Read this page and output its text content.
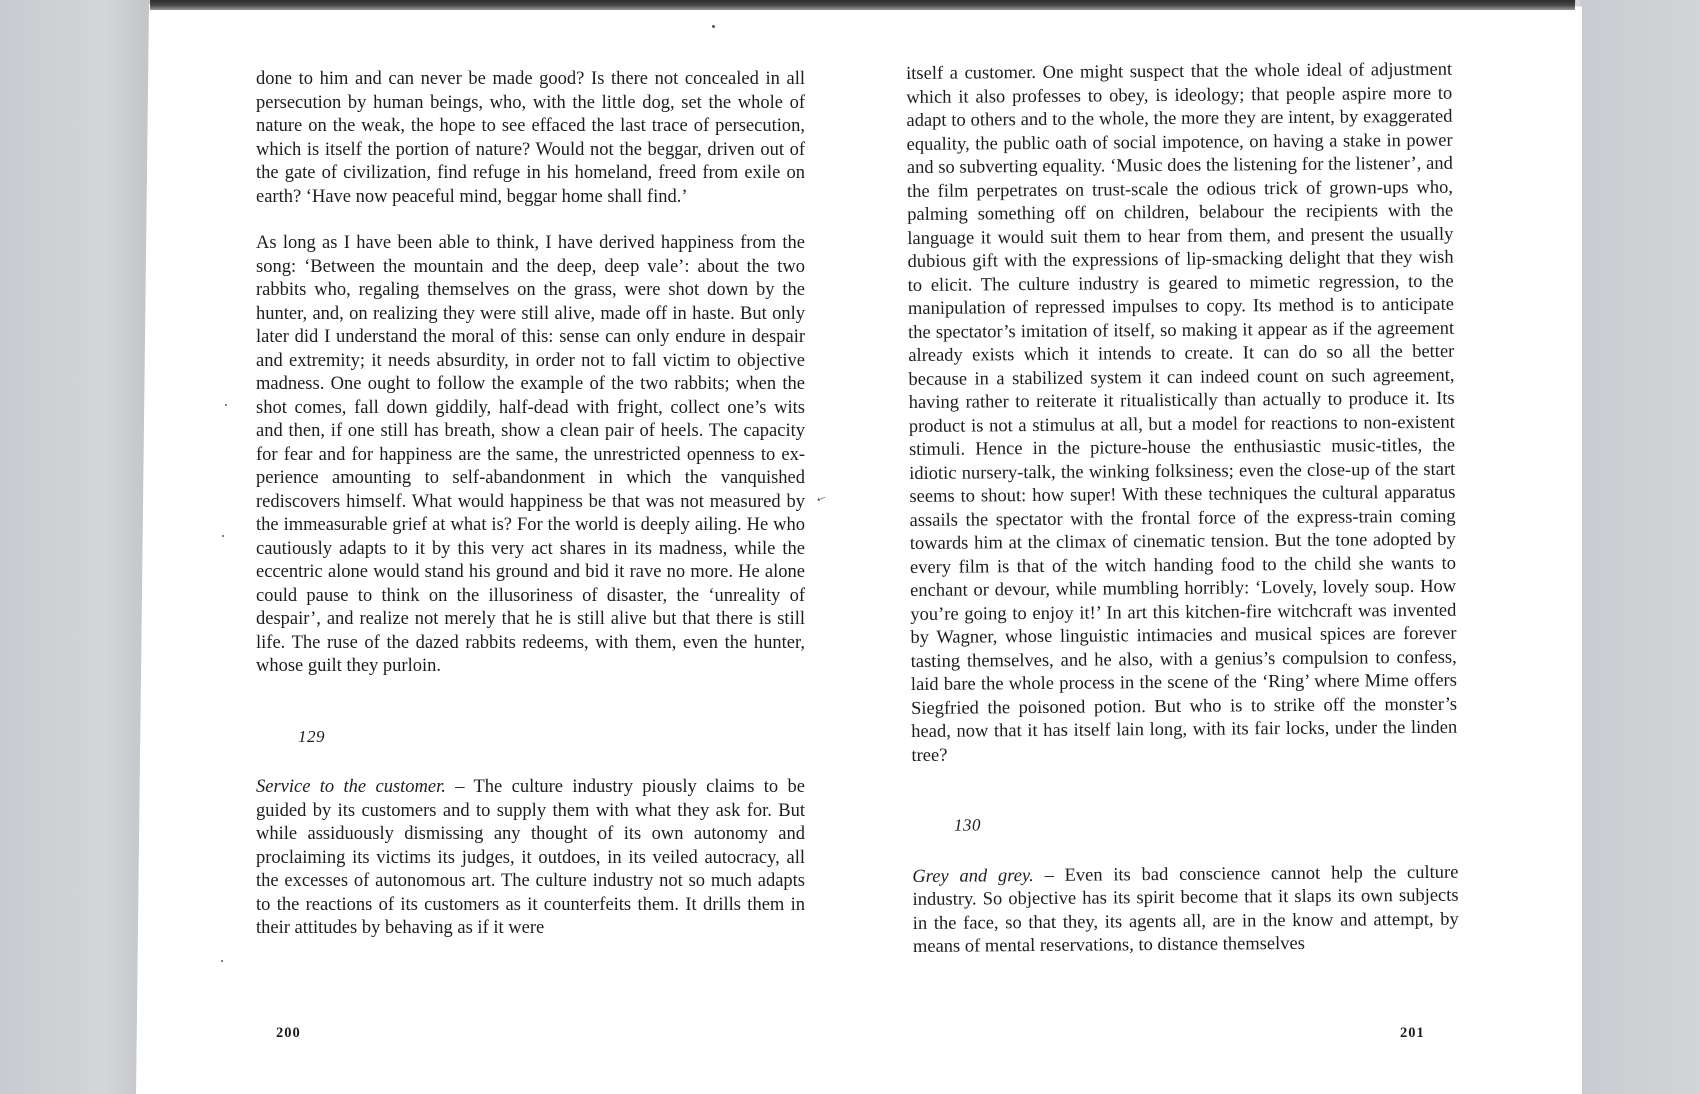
done to him and can never be made good? Is there not concealed in all persecution by human beings, who, with the little dog, set the whole of nature on the weak, the hope to see effaced the last trace of persecution, which is itself the portion of nature? Would not the beggar, driven out of the gate of civilization, find refuge in his homeland, freed from exile on earth? ‘Have now peaceful mind, beggar home shall find.’

As long as I have been able to think, I have derived happiness from the song: ‘Between the mountain and the deep, deep vale’: about the two rabbits who, regaling themselves on the grass, were shot down by the hunter, and, on realizing they were still alive, made off in haste. But only later did I understand the moral of this: sense can only endure in despair and extremity; it needs absurdity, in order not to fall victim to objective madness. One ought to follow the example of the two rabbits; when the shot comes, fall down giddily, half-dead with fright, collect one’s wits and then, if one still has breath, show a clean pair of heels. The capacity for fear and for happiness are the same, the unrestricted openness to experience amounting to self-abandonment in which the vanquished rediscovers himself. What would happiness be that was not measured by the immeasurable grief at what is? For the world is deeply ailing. He who cautiously adapts to it by this very act shares in its madness, while the eccentric alone would stand his ground and bid it rave no more. He alone could pause to think on the illusoriness of disaster, the ‘unreality of despair’, and realize not merely that he is still alive but that there is still life. The ruse of the dazed rabbits redeems, with them, even the hunter, whose guilt they purloin.

129

Service to the customer. – The culture industry piously claims to be guided by its customers and to supply them with what they ask for. But while assiduously dismissing any thought of its own autonomy and proclaiming its victims its judges, it outdoes, in its veiled autocracy, all the excesses of autonomous art. The culture industry not so much adapts to the reactions of its customers as it counterfeits them. It drills them in their attitudes by behaving as if it were

itself a customer. One might suspect that the whole ideal of adjustment which it also professes to obey, is ideology; that people aspire more to adapt to others and to the whole, the more they are intent, by exaggerated equality, the public oath of social impotence, on having a stake in power and so subverting equality. ‘Music does the listening for the listener’, and the film perpetrates on trust-scale the odious trick of grown-ups who, palming something off on children, belabour the recipients with the language it would suit them to hear from them, and present the usually dubious gift with the expressions of lip-smacking delight that they wish to elicit. The culture industry is geared to mimetic regression, to the manipulation of repressed impulses to copy. Its method is to anticipate the spectator’s imitation of itself, so making it appear as if the agreement already exists which it intends to create. It can do so all the better because in a stabilized system it can indeed count on such agreement, having rather to reiterate it ritualistically than actually to produce it. Its product is not a stimulus at all, but a model for reactions to non-existent stimuli. Hence in the picture-house the enthusiastic music-titles, the idiotic nursery-talk, the winking folksiness; even the close-up of the start seems to shout: how super! With these techniques the cultural apparatus assails the spectator with the frontal force of the express-train coming towards him at the climax of cinematic tension. But the tone adopted by every film is that of the witch handing food to the child she wants to enchant or devour, while mumbling horribly: ‘Lovely, lovely soup. How you’re going to enjoy it!’ In art this kitchen-fire witchcraft was invented by Wagner, whose linguistic intimacies and musical spices are forever tasting themselves, and he also, with a genius’s compulsion to confess, laid bare the whole process in the scene of the ‘Ring’ where Mime offers Siegfried the poisoned potion. But who is to strike off the monster’s head, now that it has itself lain long, with its fair locks, under the linden tree?

130

Grey and grey. – Even its bad conscience cannot help the culture industry. So objective has its spirit become that it slaps its own subjects in the face, so that they, its agents all, are in the know and attempt, by means of mental reservations, to distance themselves

200	201
←
